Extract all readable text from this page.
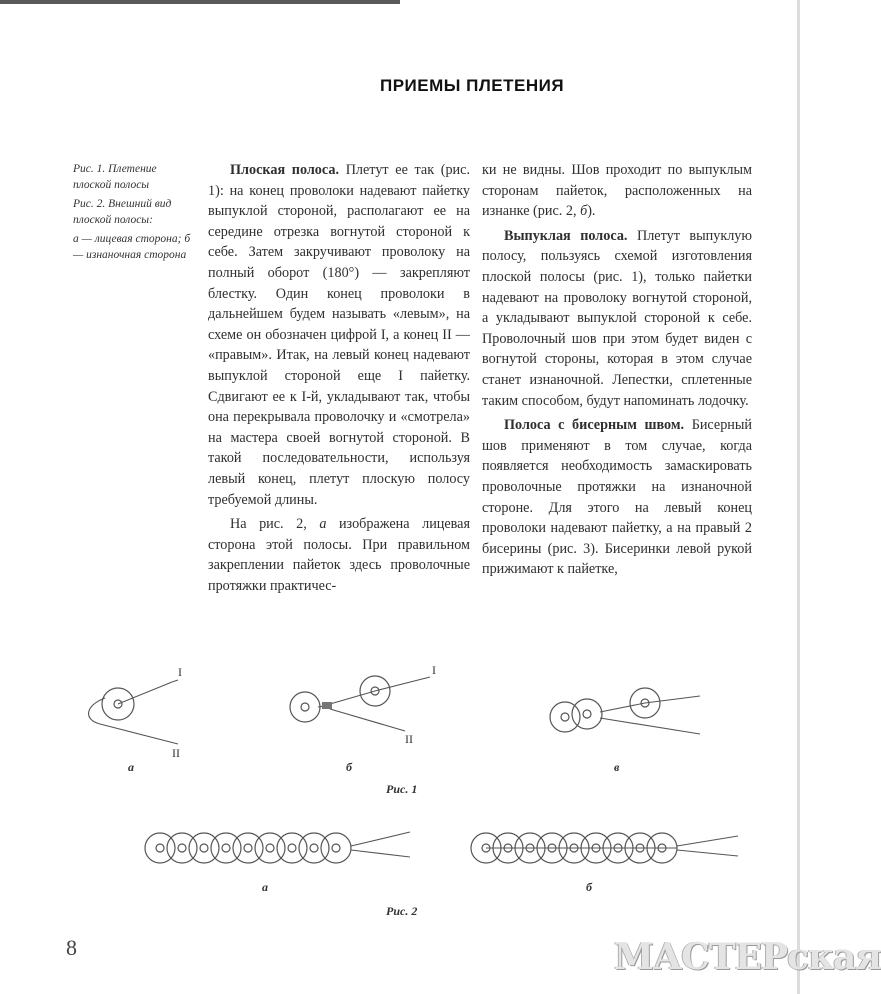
ПРИЕМЫ ПЛЕТЕНИЯ

Рис. 1. Плетение плоской полосы

Рис. 2. Внешний вид плоской полосы:

а — лицевая сторона; б — изнаночная сторона

Плоская полоса. Плетут ее так (рис. 1): на конец проволоки надевают пайетку выпуклой стороной, располагают ее на середине отрезка вогнутой стороной к себе. Затем закручивают проволоку на полный оборот (180°) — закрепляют блестку. Один конец проволоки в дальнейшем будем называть «левым», на схеме он обозначен цифрой I, а конец II — «правым». Итак, на левый конец надевают выпуклой стороной еще I пайетку. Сдвигают ее к I-й, укладывают так, чтобы она перекрывала проволочку и «смотрела» на мастера своей вогнутой стороной. В такой последовательности, используя левый конец, плетут плоскую полосу требуемой длины.

На рис. 2, а изображена лицевая сторона этой полосы. При правильном закреплении пайеток здесь проволочные протяжки практичес-

ки не видны. Шов проходит по выпуклым сторонам пайеток, расположенных на изнанке (рис. 2, б).

Выпуклая полоса. Плетут выпуклую полосу, пользуясь схемой изготовления плоской полосы (рис. 1), только пайетки надевают на проволоку вогнутой стороной, а укладывают выпуклой стороной к себе. Проволочный шов при этом будет виден с вогнутой стороны, которая в этом случае станет изнаночной. Лепестки, сплетенные таким способом, будут напоминать лодочку.

Полоса с бисерным швом. Бисерный шов применяют в том случае, когда появляется необходимость замаскировать проволочные протяжки на изнаночной стороне. Для этого на левый конец проволоки надевают пайетку, а на правый 2 бисерины (рис. 3). Бисеринки левой рукой прижимают к пайетке,

I
II
I
II
а	б	в
Рис. 1
а	б
Рис. 2
8	МАСТЕРская
